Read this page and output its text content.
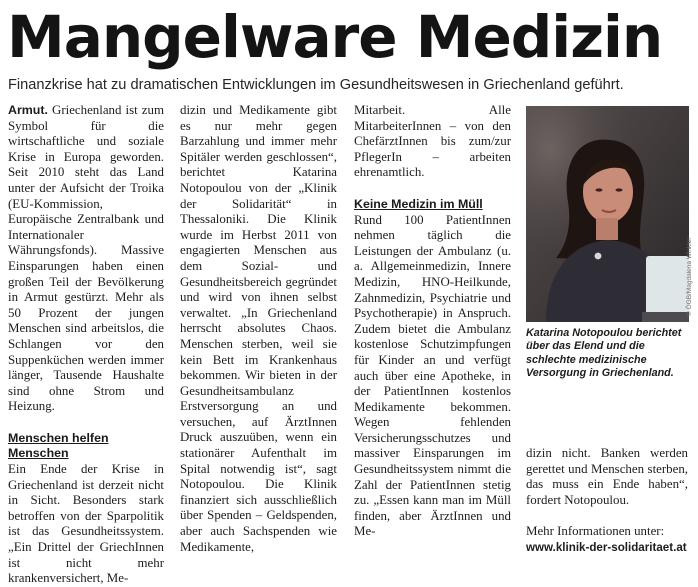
Mangelware Medizin

Finanzkrise hat zu dramatischen Entwicklungen im Gesundheitswesen in Griechenland geführt.

Armut. Griechenland ist zum Symbol für die wirtschaftliche und soziale Krise in Europa geworden. Seit 2010 steht das Land unter der Aufsicht der Troika (EU-Kommission, Europäische Zentralbank und Internationaler Währungsfonds). Massive Einsparungen haben einen großen Teil der Bevölkerung in Armut gestürzt. Mehr als 50 Prozent der jungen Menschen sind arbeitslos, die Schlangen vor den Suppenküchen werden immer länger, Tausende Haushalte sind ohne Strom und Heizung.

Menschen helfen Menschen

Ein Ende der Krise in Griechenland ist derzeit nicht in Sicht. Besonders stark betroffen von der Sparpolitik ist das Gesundheitssystem. „Ein Drittel der GriechInnen ist nicht mehr krankenversichert, Me-

dizin und Medikamente gibt es nur mehr gegen Barzahlung und immer mehr Spitäler werden geschlossen“, berichtet Katarina Notopoulou von der „Klinik der Solidarität“ in Thessaloniki. Die Klinik wurde im Herbst 2011 von engagierten Menschen aus dem Sozial- und Gesundheitsbereich gegründet und wird von ihnen selbst verwaltet. „In Griechenland herrscht absolutes Chaos. Menschen sterben, weil sie kein Bett im Krankenhaus bekommen. Wir bieten in der Gesundheitsambulanz Erstversorgung an und versuchen, auf ÄrztInnen Druck auszuüben, wenn ein stationärer Aufenthalt im Spital notwendig ist“, sagt Notopoulou. Die Klinik finanziert sich ausschließlich über Spenden – Geldspenden, aber auch Sachspenden wie Medikamente,

Mitarbeit. Alle MitarbeiterInnen – von den ChefärztInnen bis zum/zur PflegerIn – arbeiten ehrenamtlich.

Keine Medizin im Müll

Rund 100 PatientInnen nehmen täglich die Leistungen der Ambulanz (u. a. Allgemeinmedizin, Innere Medizin, HNO-Heilkunde, Zahnmedizin, Psychiatrie und Psychotherapie) in Anspruch. Zudem bietet die Ambulanz kostenlose Schutzimpfungen für Kinder an und verfügt auch über eine Apotheke, in der PatientInnen kostenlos Medikamente bekommen. Wegen fehlenden Versicherungsschutzes und massiver Einsparungen im Gesundheitssystem nimmt die Zahl der PatientInnen stetig zu. „Essen kann man im Müll finden, aber ÄrztInnen und Me-

© ÖGB/Magdalena Winkler

Katarina Notopoulou berichtet über das Elend und die schlechte medizinische Versorgung in Griechenland.

dizin nicht. Banken werden gerettet und Menschen sterben, das muss ein Ende haben“, fordert Notopoulou.

Mehr Informationen unter:

www.klinik-der-solidaritaet.at
